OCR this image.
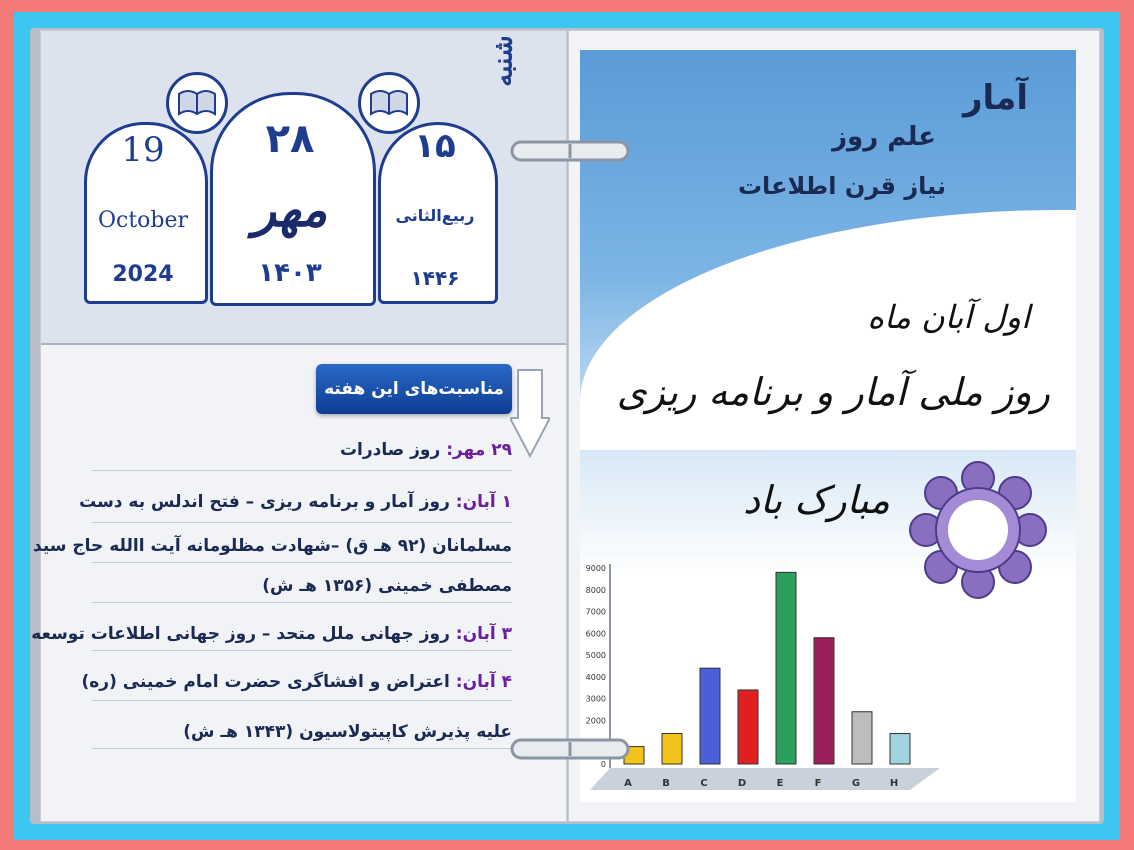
شنبه
19
October
2024
۲۸
مهر
۱۴۰۳
۱۵
ربیع‌الثانی
۱۴۴۶
مناسبت‌های این هفته
۲۹ مهر: روز صادرات
۱ آبان: روز آمار و برنامه ریزی – فتح اندلس به دست
مسلمانان (۹۲ هـ ق) –شهادت مظلومانه آیت االله حاج سید
مصطفی خمینی (۱۳۵۶ هـ ش)
۳ آبان: روز جهانی ملل متحد – روز جهانی اطلاعات توسعه
۴ آبان: اعتراض و افشاگری حضرت امام خمینی (ره)
علیه پذیرش کاپیتولاسیون (۱۳۴۳ هـ ش)
آمار
علم روز
نیاز قرن اطلاعات
اول آبان ماه
روز ملی آمار و برنامه ریزی
مبارک باد
0
2000
3000
4000
5000
6000
7000
8000
9000
A	B	C	D	E	F	G	H
